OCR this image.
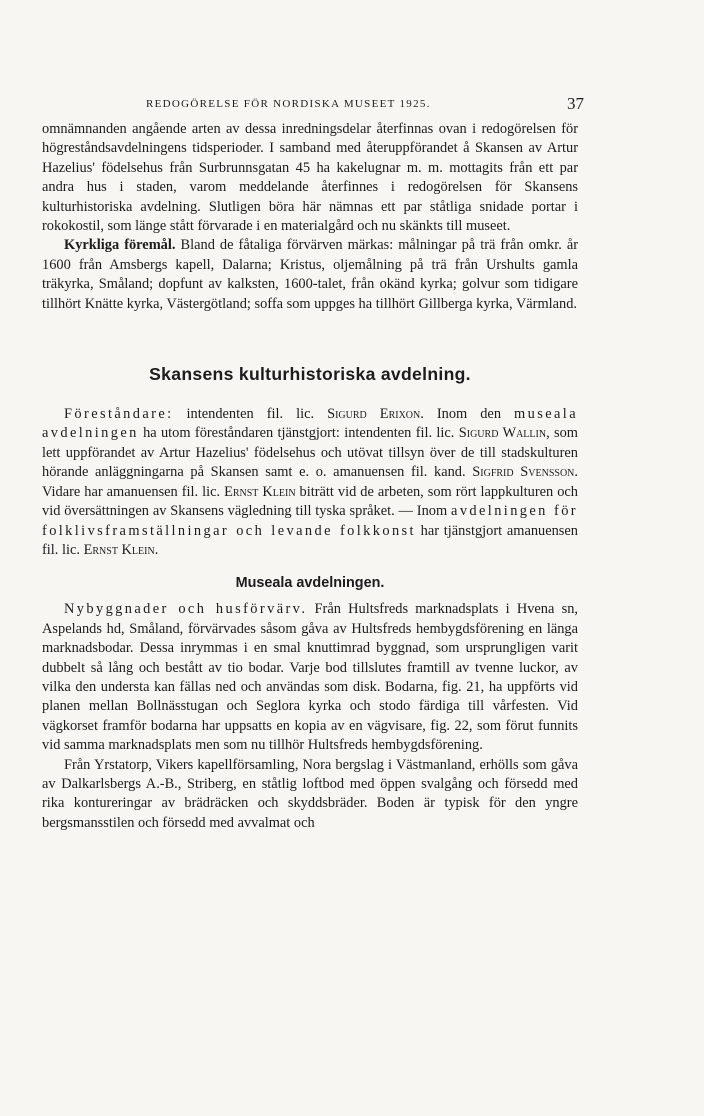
REDOGÖRELSE FÖR NORDISKA MUSEET 1925.	37

omnämnanden angående arten av dessa inredningsdelar återfinnas ovan i redogörelsen för högreståndsavdelningens tidsperioder. I samband med återuppförandet å Skansen av Artur Hazelius' födelsehus från Surbrunnsgatan 45 ha kakelugnar m. m. mottagits från ett par andra hus i staden, varom meddelande återfinnes i redogörelsen för Skansens kulturhistoriska avdelning. Slutligen böra här nämnas ett par ståtliga snidade portar i rokokostil, som länge stått förvarade i en materialgård och nu skänkts till museet.

Kyrkliga föremål. Bland de fåtaliga förvärven märkas: målningar på trä från omkr. år 1600 från Amsbergs kapell, Dalarna; Kristus, oljemålning på trä från Urshults gamla träkyrka, Småland; dopfunt av kalksten, 1600-talet, från okänd kyrka; golvur som tidigare tillhört Knätte kyrka, Västergötland; soffa som uppges ha tillhört Gillberga kyrka, Värmland.

Skansens kulturhistoriska avdelning.

Föreståndare: intendenten fil. lic. Sigurd Erixon. Inom den museala avdelningen ha utom föreståndaren tjänstgjort: intendenten fil. lic. Sigurd Wallin, som lett uppförandet av Artur Hazelius' födelsehus och utövat tillsyn över de till stadskulturen hörande anläggningarna på Skansen samt e. o. amanuensen fil. kand. Sigfrid Svensson. Vidare har amanuensen fil. lic. Ernst Klein biträtt vid de arbeten, som rört lappkulturen och vid översättningen av Skansens vägledning till tyska språket. — Inom avdelningen för folklivsframställningar och levande folkkonst har tjänstgjort amanuensen fil. lic. Ernst Klein.

Museala avdelningen.

Nybyggnader och husförvärv. Från Hultsfreds marknadsplats i Hvena sn, Aspelands hd, Småland, förvärvades såsom gåva av Hultsfreds hembygdsförening en längа marknadsbodar. Dessa inrymmas i en smal knuttimrad byggnad, som ursprungligen varit dubbelt så lång och bestått av tio bodar. Varje bod tillslutes framtill av tvenne luckor, av vilka den understa kan fällas ned och användas som disk. Bodarna, fig. 21, ha uppförts vid planen mellan Bollnässtugan och Seglora kyrka och stodo färdiga till vårfesten. Vid vägkorset framför bodarna har uppsatts en kopia av en vägvisare, fig. 22, som förut funnits vid samma marknadsplats men som nu tillhör Hultsfreds hembygdsförening.

Från Yrstatorp, Vikers kapellförsamling, Nora bergslag i Västmanland, erhölls som gåva av Dalkarlsbergs A.-B., Striberg, en ståtlig loftbod med öppen svalgång och försedd med rika kontureringar av brädräcken och skyddsbräder. Boden är typisk för den yngre bergsmansstilen och försedd med avvalmat och
